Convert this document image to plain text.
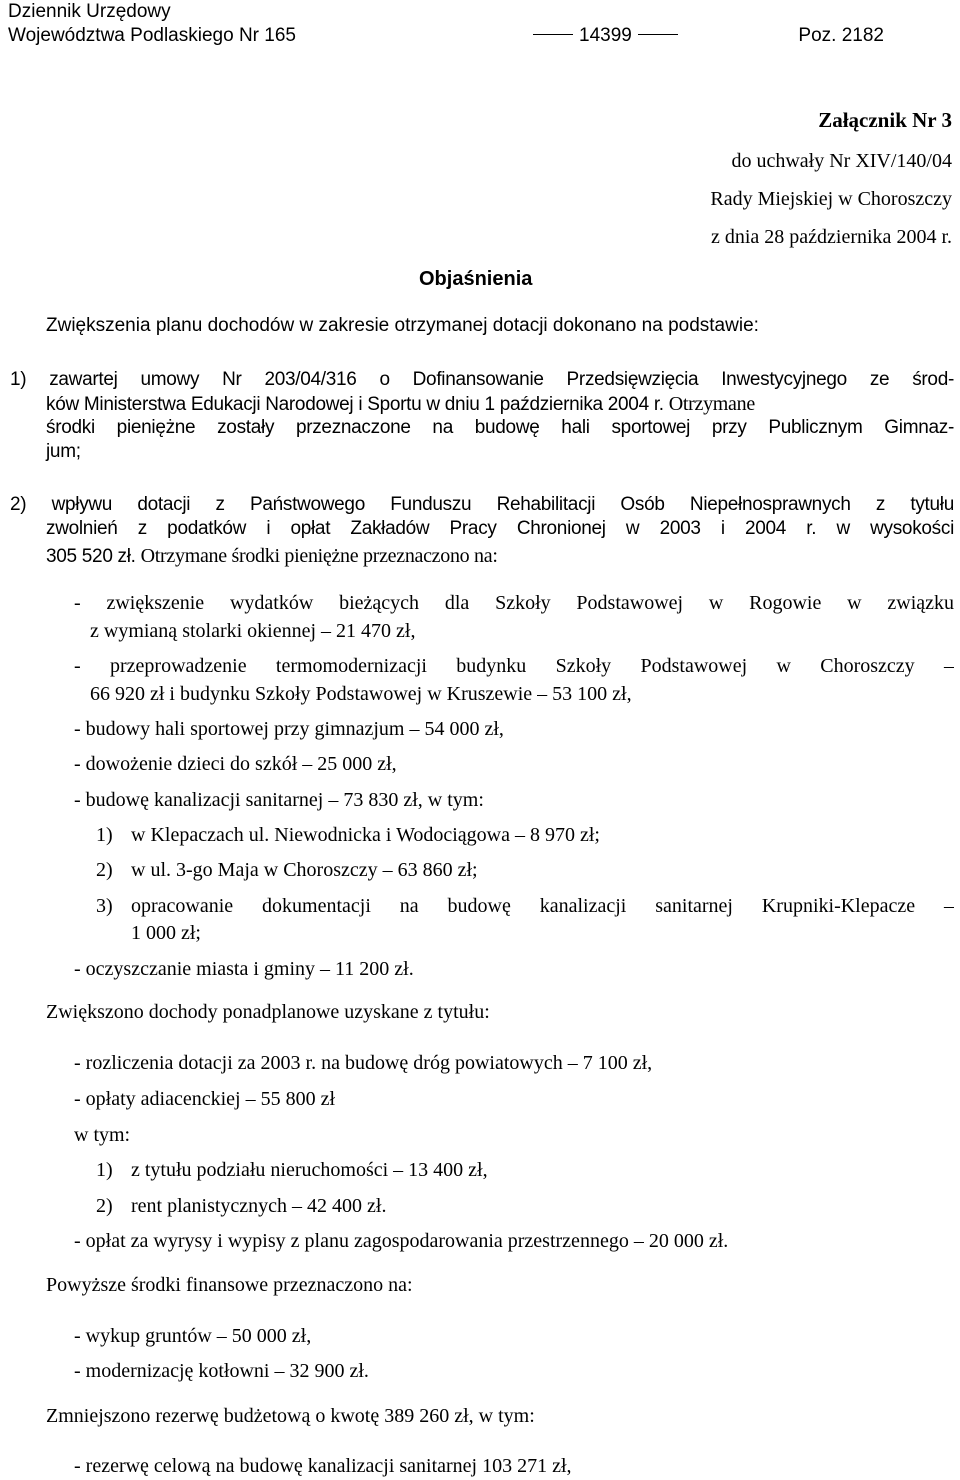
Dziennik Urzędowy
Województwa Podlaskiego Nr 165	14399	Poz. 2182
Załącznik Nr 3
do uchwały Nr XIV/140/04
Rady Miejskiej w Choroszczy
z dnia 28 października 2004 r.
Objaśnienia
Zwiększenia planu dochodów w zakresie otrzymanej dotacji dokonano na podstawie:
1) zawartej umowy Nr 203/04/316 o Dofinansowanie Przedsięwzięcia Inwestycyjnego ze środ-
ków Ministerstwa Edukacji Narodowej i Sportu w dniu 1 października 2004 r. Otrzymane
środki pieniężne zostały przeznaczone na budowę hali sportowej przy Publicznym Gimnaz-
jum;
2) wpływu dotacji z Państwowego Funduszu Rehabilitacji Osób Niepełnosprawnych z tytułu
zwolnień z podatków i opłat Zakładów Pracy Chronionej w 2003 i 2004 r. w wysokości
305 520 zł. Otrzymane środki pieniężne przeznaczono na:
- zwiększenie wydatków bieżących dla Szkoły Podstawowej w Rogowie w związku
z wymianą stolarki okiennej – 21 470 zł,
- przeprowadzenie termomodernizacji budynku Szkoły Podstawowej w Choroszczy –
66 920 zł i budynku Szkoły Podstawowej w Kruszewie – 53 100 zł,
- budowy hali sportowej przy gimnazjum – 54 000 zł,
- dowożenie dzieci do szkół – 25 000 zł,
- budowę kanalizacji sanitarnej – 73 830 zł, w tym:
1) w Klepaczach ul. Niewodnicka i Wodociągowa – 8 970 zł;
2) w ul. 3-go Maja w Choroszczy – 63 860 zł;
3) opracowanie dokumentacji na budowę kanalizacji sanitarnej Krupniki-Klepacze –
1 000 zł;
- oczyszczanie miasta i gminy – 11 200 zł.
Zwiększono dochody ponadplanowe uzyskane z tytułu:
- rozliczenia dotacji za 2003 r. na budowę dróg powiatowych – 7 100 zł,
- opłaty adiacenckiej – 55 800 zł
w tym:
1) z tytułu podziału nieruchomości – 13 400 zł,
2) rent planistycznych – 42 400 zł.
- opłat za wyrysy i wypisy z planu zagospodarowania przestrzennego – 20 000 zł.
Powyższe środki finansowe przeznaczono na:
- wykup gruntów – 50 000 zł,
- modernizację kotłowni – 32 900 zł.
Zmniejszono rezerwę budżetową o kwotę 389 260 zł, w tym:
- rezerwę celową na budowę kanalizacji sanitarnej 103 271 zł,
